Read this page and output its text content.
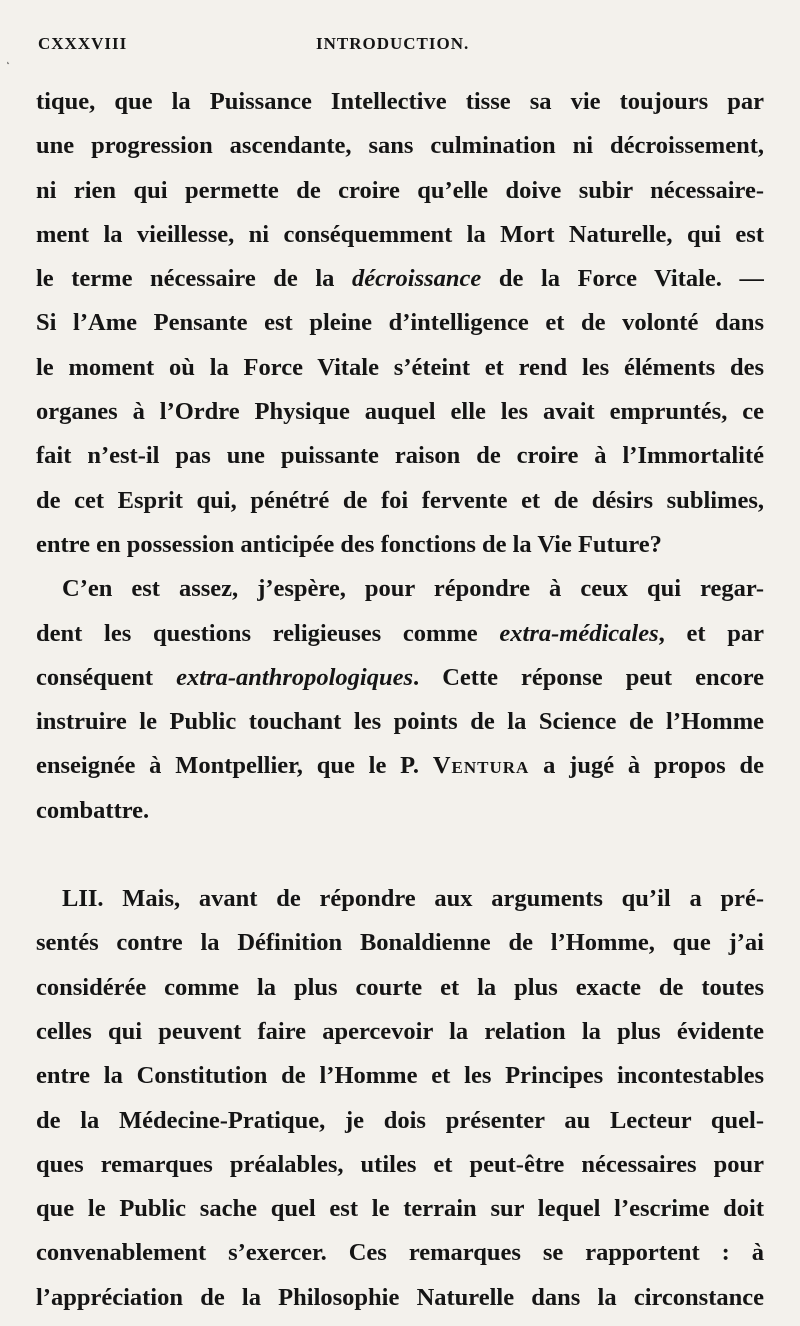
CXXXVIII	INTRODUCTION.
ͺ
tique, que la Puissance Intellective tisse sa vie toujours par
une progression ascendante, sans culmination ni décroissement,
ni rien qui permette de croire qu’elle doive subir nécessaire-
ment la vieillesse, ni conséquemment la Mort Naturelle, qui est
le terme nécessaire de la décroissance de la Force Vitale. —
Si l’Ame Pensante est pleine d’intelligence et de volonté dans
le moment où la Force Vitale s’éteint et rend les éléments des
organes à l’Ordre Physique auquel elle les avait empruntés, ce
fait n’est-il pas une puissante raison de croire à l’Immortalité
de cet Esprit qui, pénétré de foi fervente et de désirs sublimes,
entre en possession anticipée des fonctions de la Vie Future?
C’en est assez, j’espère, pour répondre à ceux qui regar-
dent les questions religieuses comme extra-médicales, et par
conséquent extra-anthropologiques. Cette réponse peut encore
instruire le Public touchant les points de la Science de l’Homme
enseignée à Montpellier, que le P. Ventura a jugé à propos de
combattre.
LII. Mais, avant de répondre aux arguments qu’il a pré-
sentés contre la Définition Bonaldienne de l’Homme, que j’ai
considérée comme la plus courte et la plus exacte de toutes
celles qui peuvent faire apercevoir la relation la plus évidente
entre la Constitution de l’Homme et les Principes incontestables
de la Médecine-Pratique, je dois présenter au Lecteur quel-
ques remarques préalables, utiles et peut-être nécessaires pour
que le Public sache quel est le terrain sur lequel l’escrime doit
convenablement s’exercer. Ces remarques se rapportent : à
l’appréciation de la Philosophie Naturelle dans la circonstance
